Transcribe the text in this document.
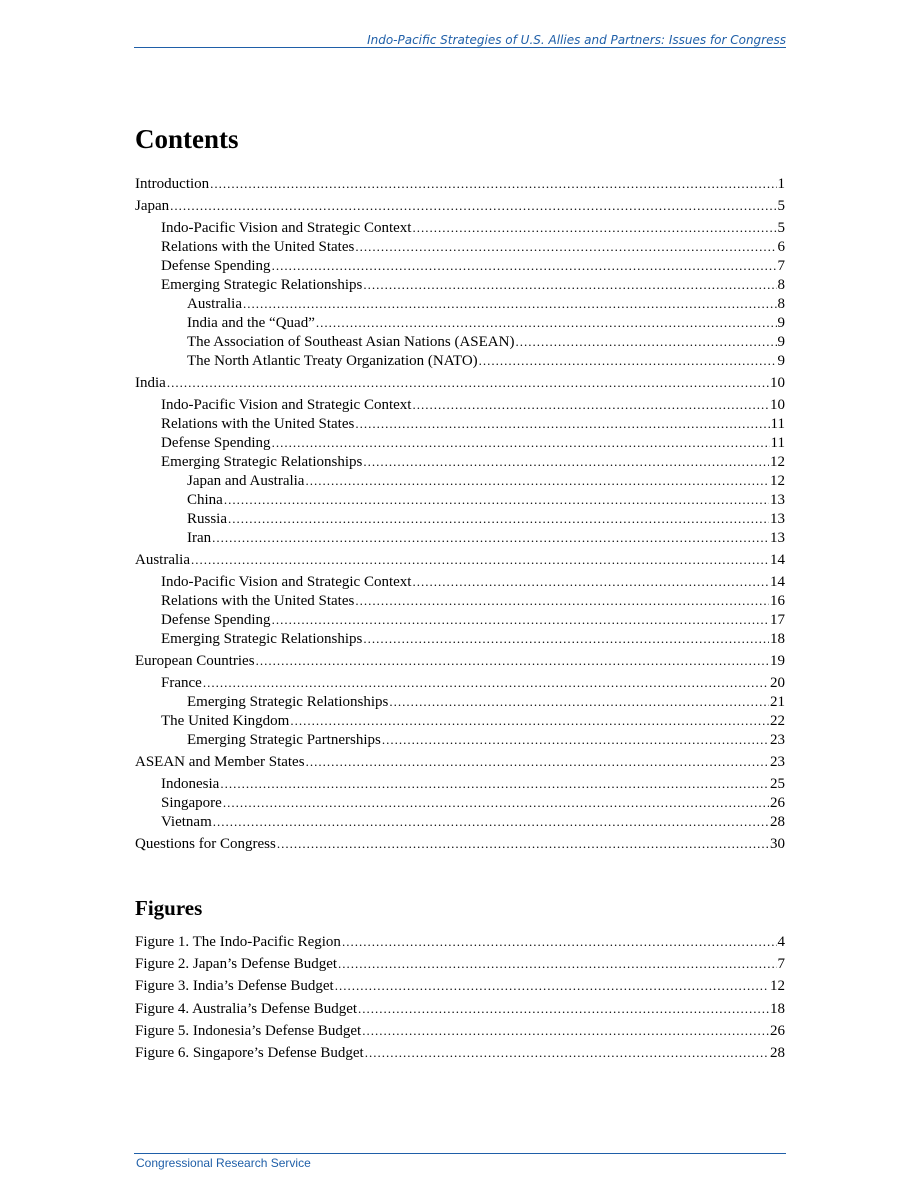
Indo-Pacific Strategies of U.S. Allies and Partners: Issues for Congress
Contents
Introduction .....	1
Japan .....	5
Indo-Pacific Vision and Strategic Context .....	5
Relations with the United States .....	6
Defense Spending .....	7
Emerging Strategic Relationships .....	8
Australia .....	8
India and the “Quad” .....	9
The Association of Southeast Asian Nations (ASEAN) .....	9
The North Atlantic Treaty Organization (NATO) .....	9
India .....	10
Indo-Pacific Vision and Strategic Context .....	10
Relations with the United States .....	11
Defense Spending .....	11
Emerging Strategic Relationships .....	12
Japan and Australia .....	12
China .....	13
Russia .....	13
Iran .....	13
Australia .....	14
Indo-Pacific Vision and Strategic Context .....	14
Relations with the United States .....	16
Defense Spending .....	17
Emerging Strategic Relationships .....	18
European Countries .....	19
France .....	20
Emerging Strategic Relationships .....	21
The United Kingdom .....	22
Emerging Strategic Partnerships .....	23
ASEAN and Member States .....	23
Indonesia .....	25
Singapore .....	26
Vietnam .....	28
Questions for Congress .....	30
Figures
Figure 1. The Indo-Pacific Region .....	4
Figure 2. Japan’s Defense Budget .....	7
Figure 3. India’s Defense Budget .....	12
Figure 4. Australia’s Defense Budget .....	18
Figure 5. Indonesia’s Defense Budget .....	26
Figure 6. Singapore’s Defense Budget .....	28
Congressional Research Service
